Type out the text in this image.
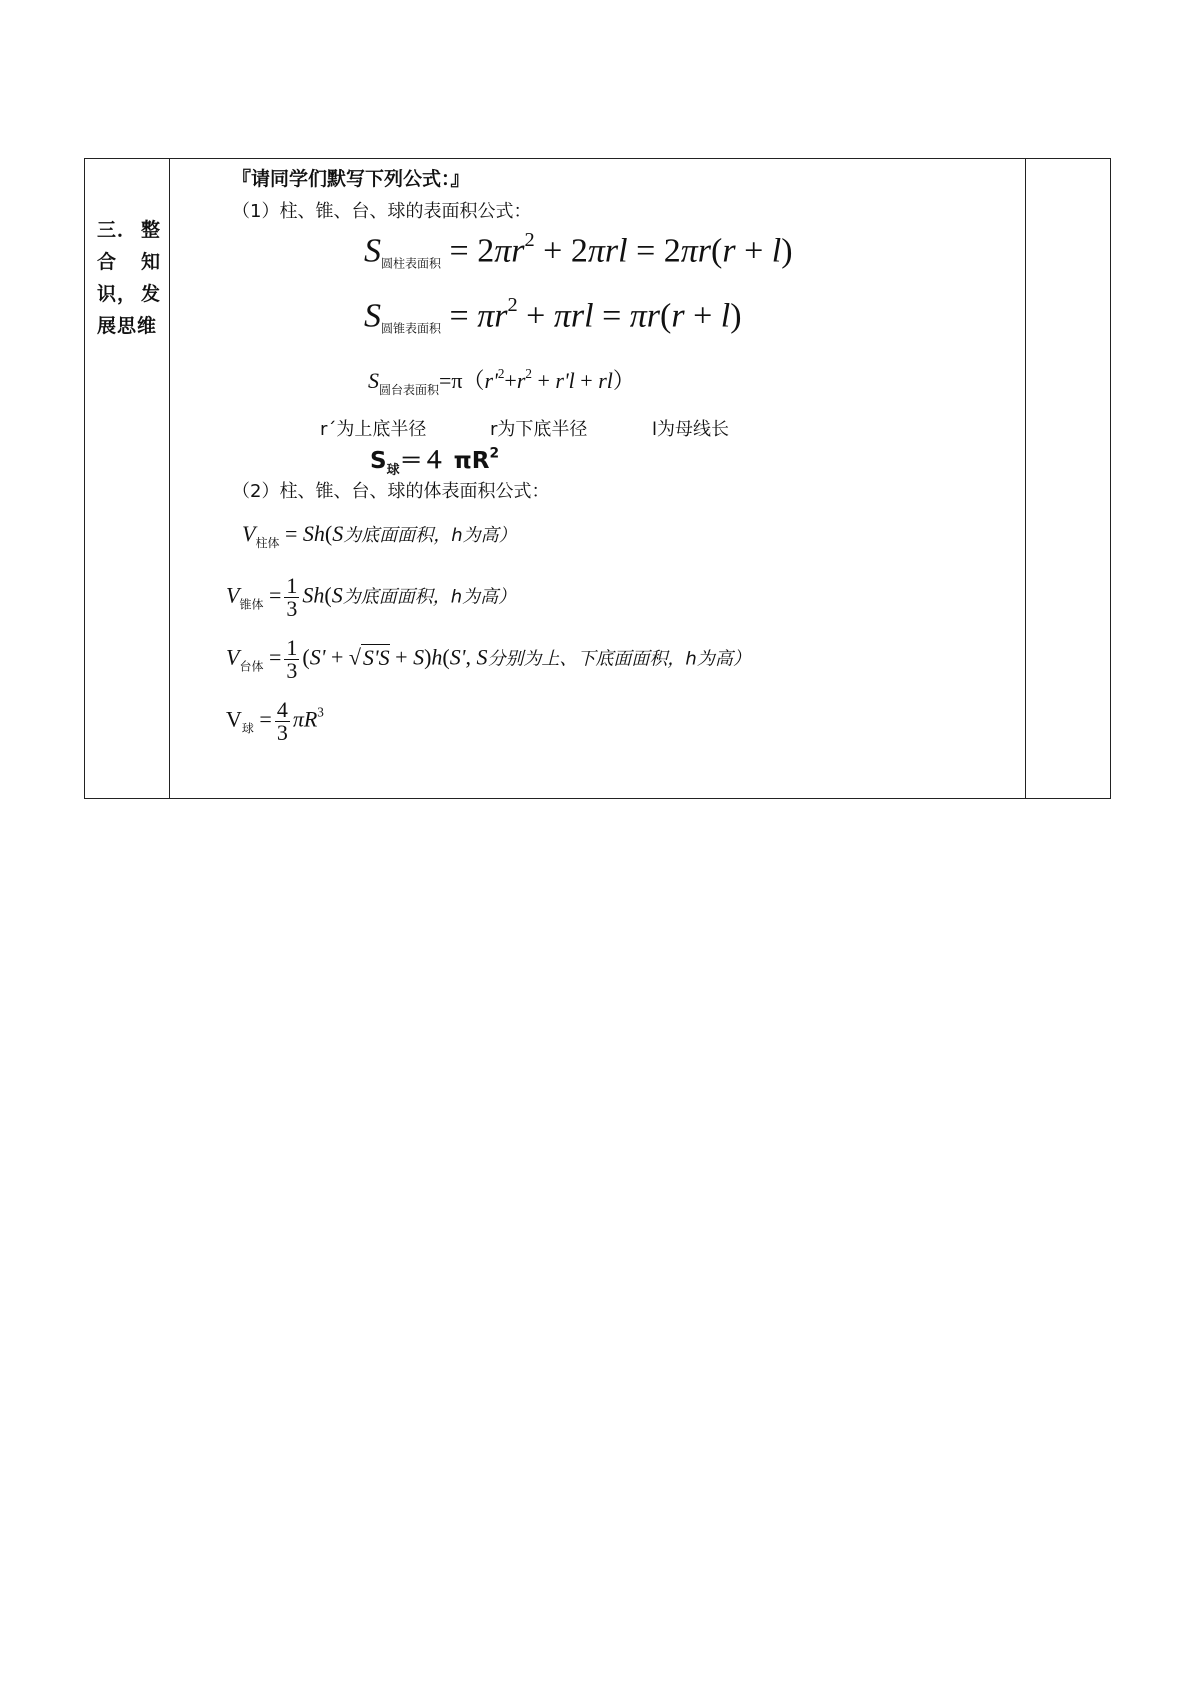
三． 整
合 知
识， 发
展思维

『请同学们默写下列公式：』
（1）柱、锥、台、球的表面积公式：
$S_{圆柱表面积} = 2\pi r^2 + 2\pi rl = 2\pi r(r + l)$
$S_{圆锥表面积} = \pi r^2 + \pi rl = \pi r(r + l)$
$S_{圆台表面积}=\pi(r'^2+r^2 + r'l + rl)$
r´为上底半径	r为下底半径	l为母线长
$S_球=4$ $\pi R^2$
（2）柱、锥、台、球的体表面积公式：
$V_{柱体} = Sh(S$为底面面积，h为高）
$V_{锥体} = \frac{1}{3} Sh(S$为底面面积，h为高）
$V_{台体} = \frac{1}{3} (S' + √S'S + S)h(S'$, S分别为上、下底面面积，h为高）
$V_球 = \frac{4}{3} \pi R^3$
